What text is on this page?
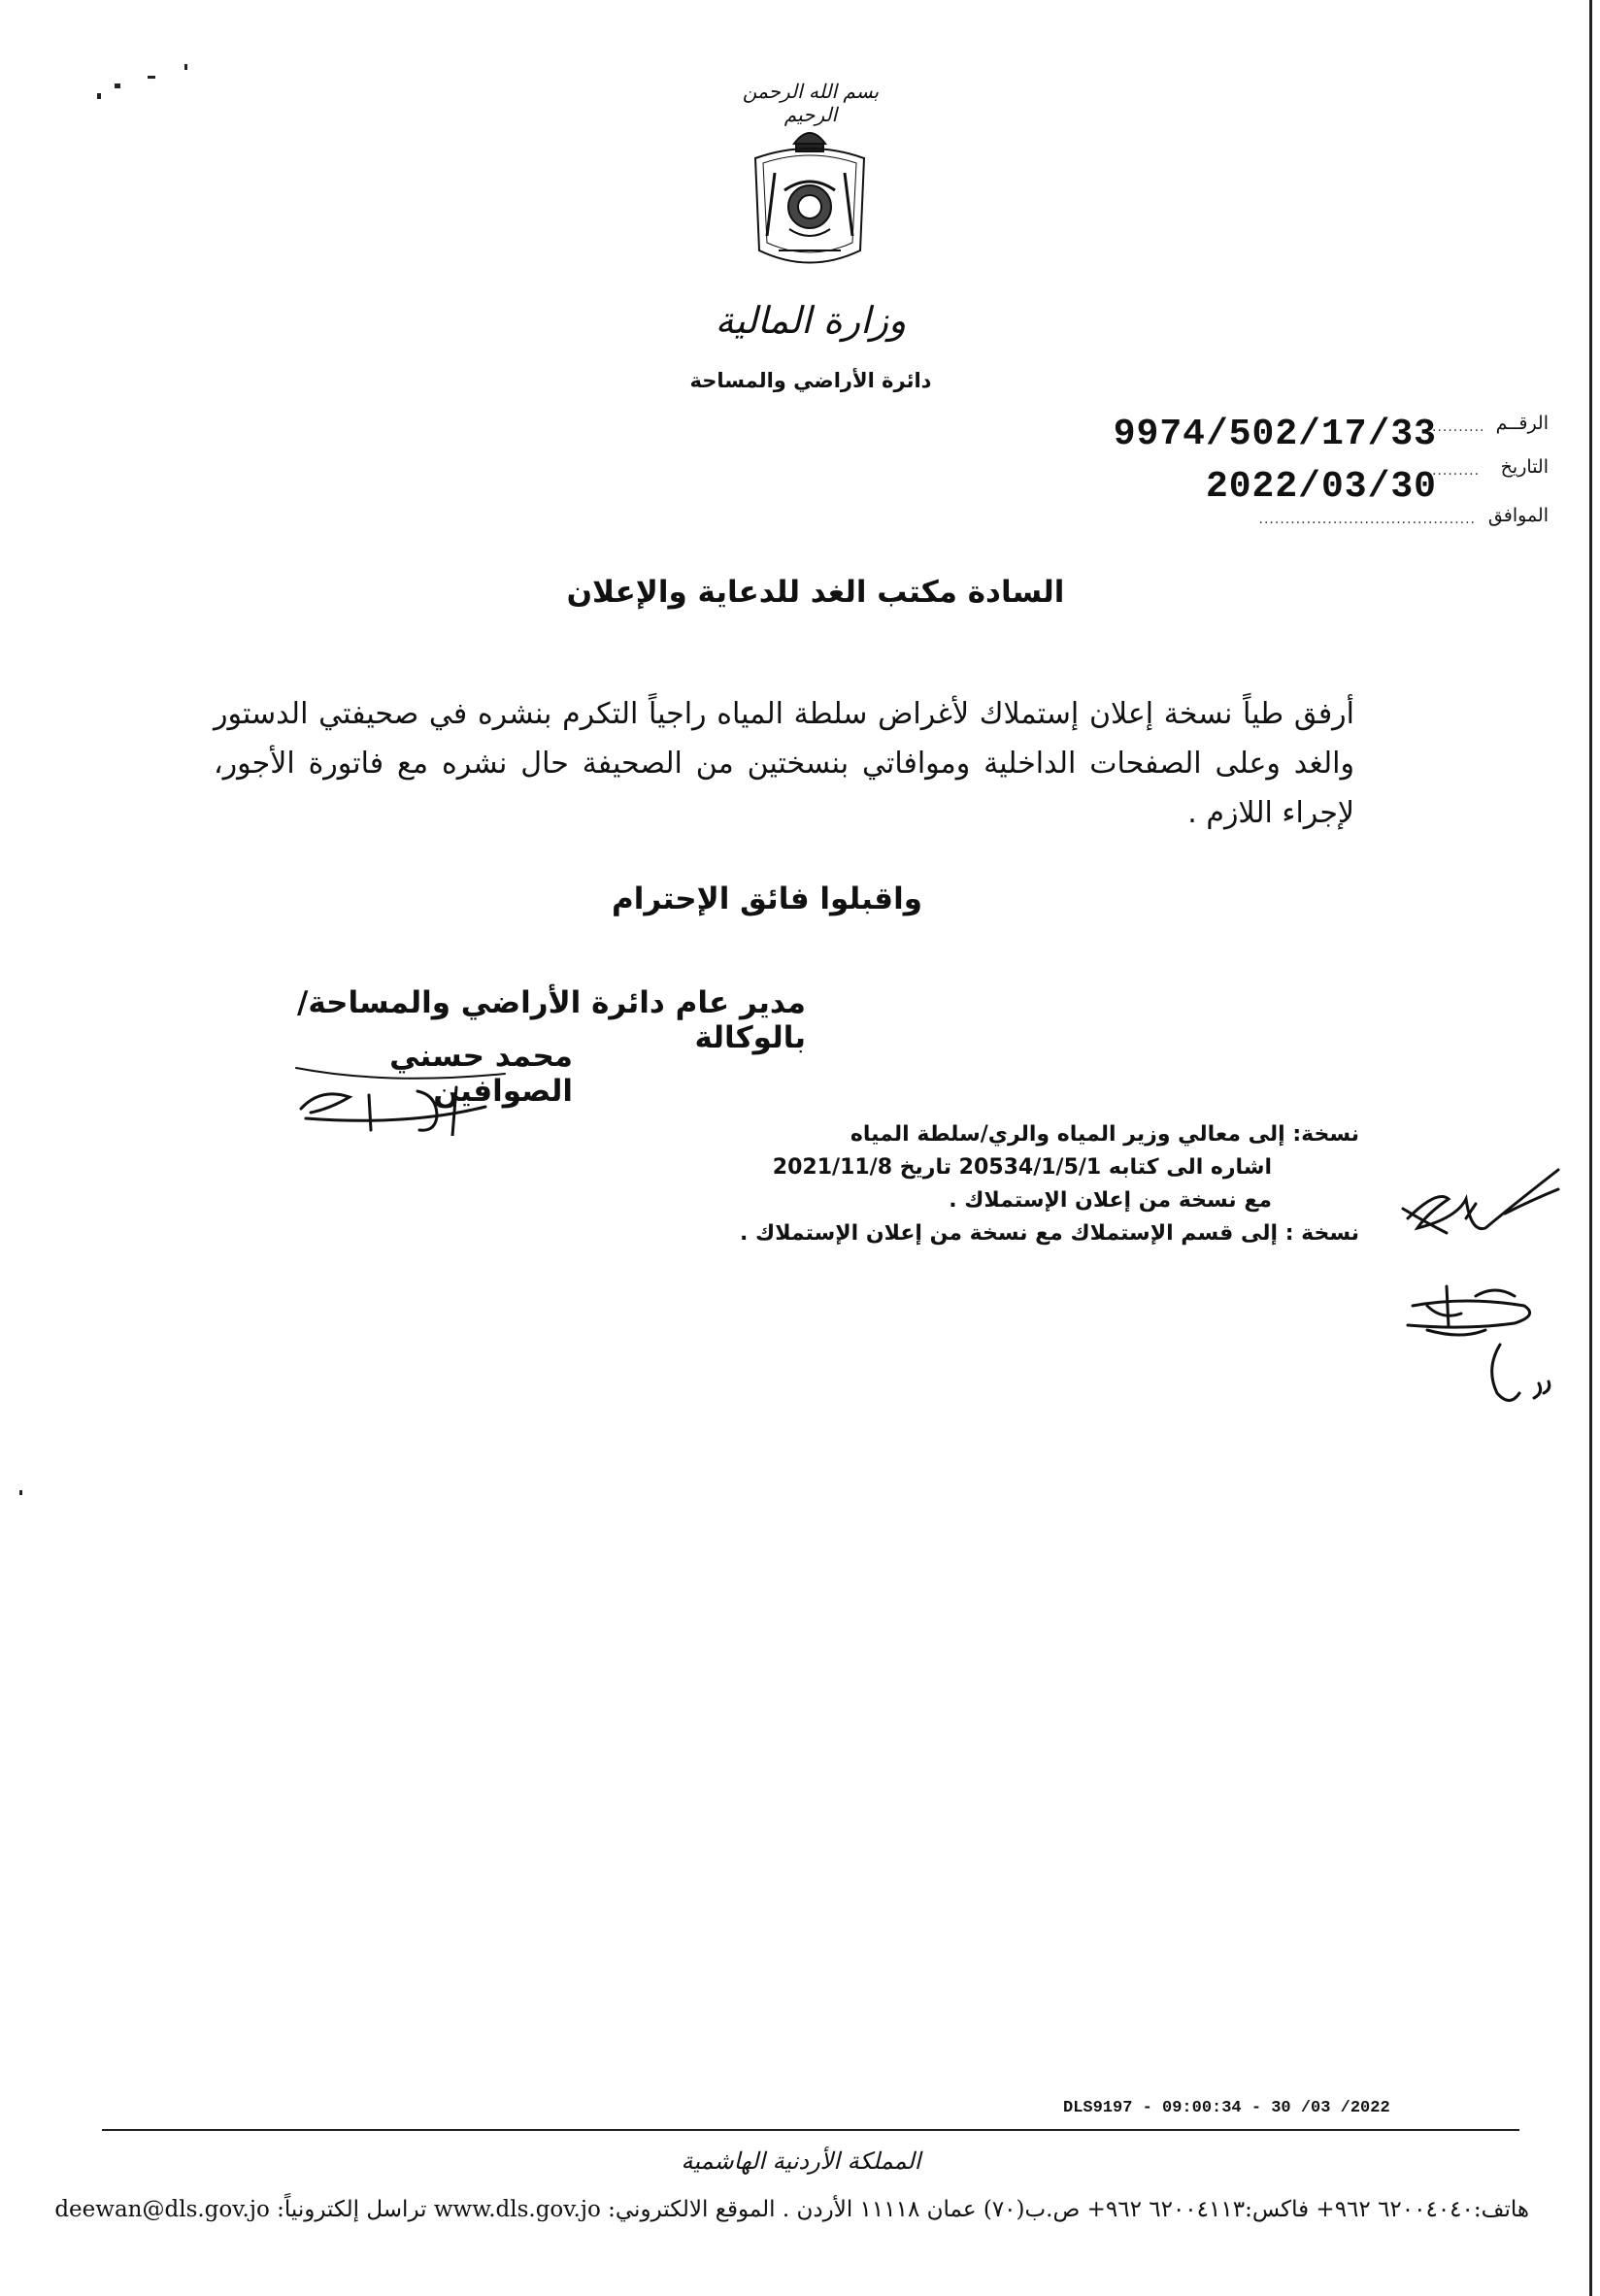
بسم الله الرحمن الرحيم
وزارة المالية
دائرة الأراضي والمساحة
الرقــم
..........
9974/502/17/33
التاريخ
.........
2022/03/30
الموافق
.........................................
السادة مكتب الغد للدعاية والإعلان
أرفق طياً نسخة إعلان إستملاك لأغراض سلطة المياه راجياً التكرم بنشره في صحيفتي الدستور والغد وعلى الصفحات الداخلية وموافاتي بنسختين من الصحيفة حال نشره مع فاتورة الأجور، لإجراء اللازم .
واقبلوا فائق الإحترام
مدير عام دائرة الأراضي والمساحة/بالوكالة
محمد حسني الصوافين
نسخة: إلى معالي وزير المياه والري/سلطة المياه
اشاره الى كتابه 20534/1/5/1 تاريخ 2021/11/8
مع نسخة من إعلان الإستملاك .
نسخة : إلى قسم الإستملاك مع نسخة من إعلان الإستملاك .
DLS9197 - 09:00:34 - 30 /03 /2022
المملكة الأردنية الهاشمية
هاتف:٦٢٠٠٤٠٤٠ ٩٦٢+ فاكس:٦٢٠٠٤١١٣ ٩٦٢+ ص.ب(٧٠) عمان ١١١١٨ الأردن . الموقع الالكتروني: www.dls.gov.jo تراسل إلكترونياً: deewan@dls.gov.jo
